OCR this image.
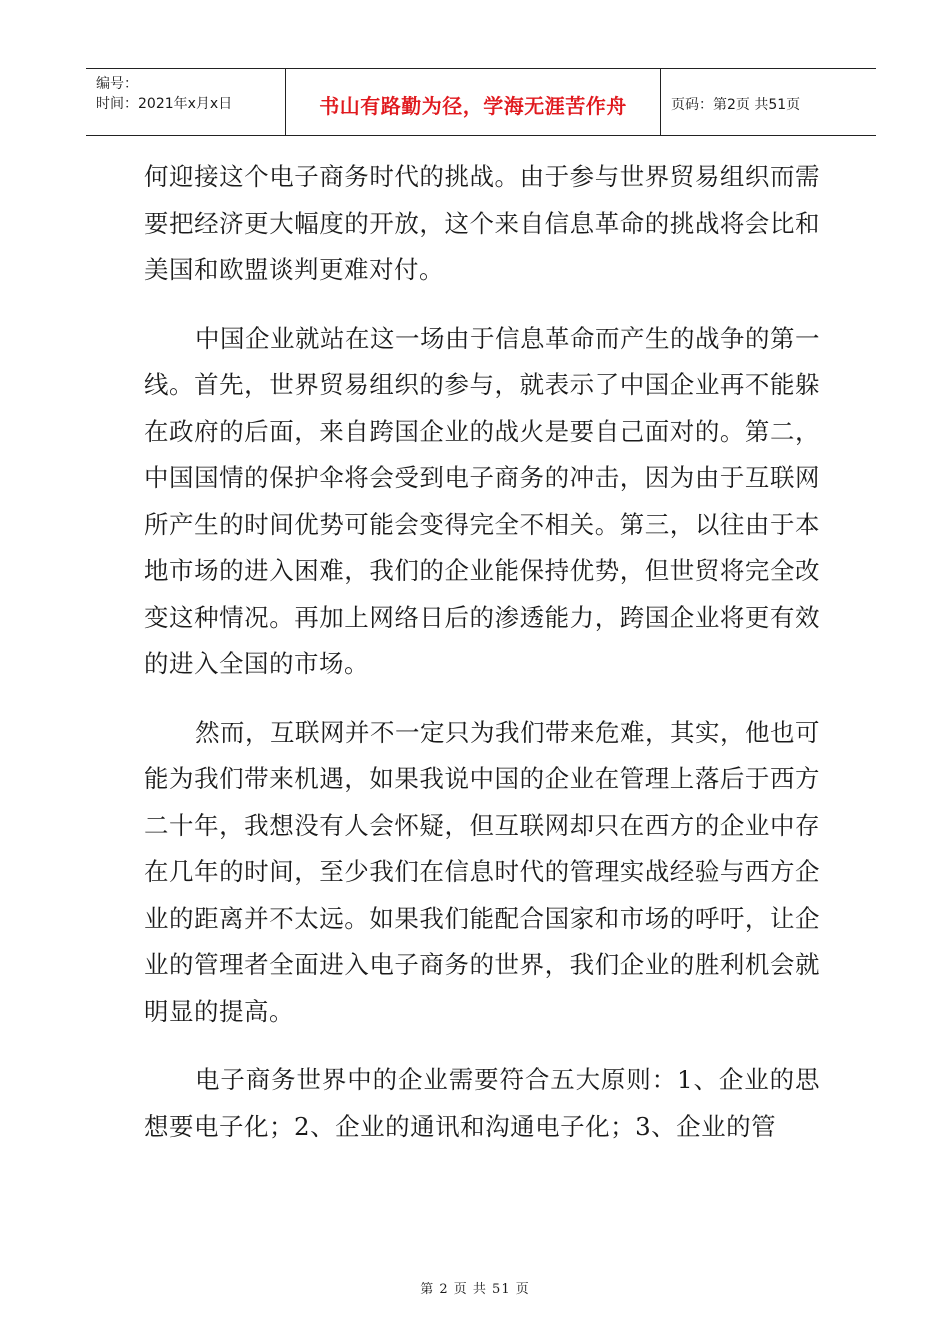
编号：
时间：2021年x月x日	书山有路勤为径，学海无涯苦作舟	页码：第2页 共51页

何迎接这个电子商务时代的挑战。由于参与世界贸易组织而需要把经济更大幅度的开放，这个来自信息革命的挑战将会比和美国和欧盟谈判更难对付。

中国企业就站在这一场由于信息革命而产生的战争的第一线。首先，世界贸易组织的参与，就表示了中国企业再不能躲在政府的后面，来自跨国企业的战火是要自己面对的。第二，中国国情的保护伞将会受到电子商务的冲击，因为由于互联网所产生的时间优势可能会变得完全不相关。第三，以往由于本地市场的进入困难，我们的企业能保持优势，但世贸将完全改变这种情况。再加上网络日后的渗透能力，跨国企业将更有效的进入全国的市场。

然而，互联网并不一定只为我们带来危难，其实，他也可能为我们带来机遇，如果我说中国的企业在管理上落后于西方二十年，我想没有人会怀疑，但互联网却只在西方的企业中存在几年的时间，至少我们在信息时代的管理实战经验与西方企业的距离并不太远。如果我们能配合国家和市场的呼吁，让企业的管理者全面进入电子商务的世界，我们企业的胜利机会就明显的提高。

电子商务世界中的企业需要符合五大原则：1、企业的思想要电子化；2、企业的通讯和沟通电子化；3、企业的管

第 2 页 共 51 页
